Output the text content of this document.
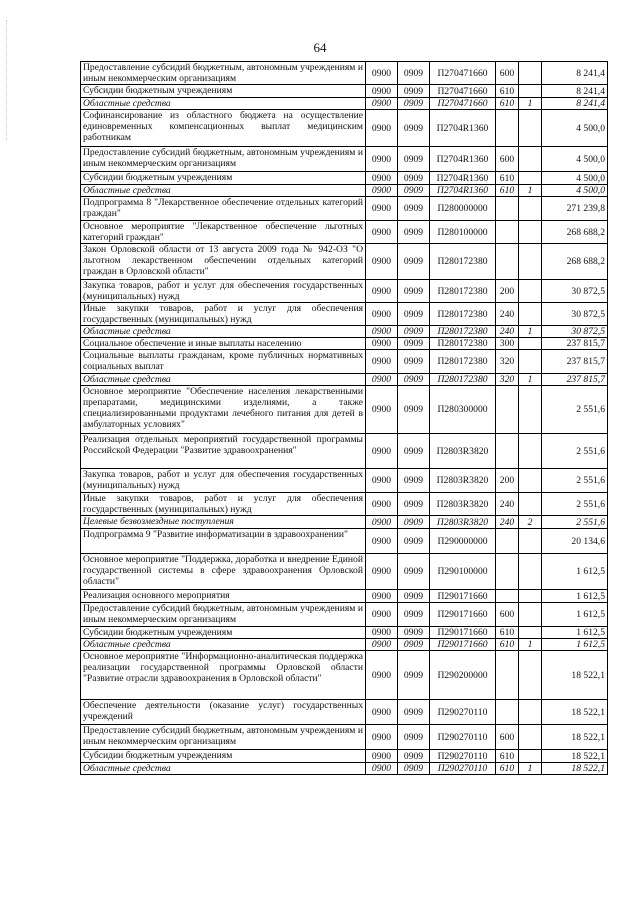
64
Предоставление субсидий бюджетным, автономным учреждениям и иным некоммерческим организациям	0900	0909	П270471660	600		8 241,4
Субсидии бюджетным учреждениям	0900	0909	П270471660	610		8 241,4
Областные средства	0900	0909	П270471660	610	1	8 241,4
Софинансирование из областного бюджета на осуществление единовременных компенсационных выплат медицинским работникам	0900	0909	П2704R1360			4 500,0
Предоставление субсидий бюджетным, автономным учреждениям и иным некоммерческим организациям	0900	0909	П2704R1360	600		4 500,0
Субсидии бюджетным учреждениям	0900	0909	П2704R1360	610		4 500,0
Областные средства	0900	0909	П2704R1360	610	1	4 500,0
Подпрограмма 8 "Лекарственное обеспечение отдельных категорий граждан"	0900	0909	П280000000			271 239,8
Основное мероприятие "Лекарственное обеспечение льготных категорий граждан"	0900	0909	П280100000			268 688,2
Закон Орловской области от 13 августа 2009 года № 942-ОЗ "О льготном лекарственном обеспечении отдельных категорий граждан в Орловской области"	0900	0909	П280172380			268 688,2
Закупка товаров, работ и услуг для обеспечения государственных (муниципальных) нужд	0900	0909	П280172380	200		30 872,5
Иные закупки товаров, работ и услуг для обеспечения государственных (муниципальных) нужд	0900	0909	П280172380	240		30 872,5
Областные средства	0900	0909	П280172380	240	1	30 872,5
Социальное обеспечение и иные выплаты населению	0900	0909	П280172380	300		237 815,7
Социальные выплаты гражданам, кроме публичных нормативных социальных выплат	0900	0909	П280172380	320		237 815,7
Областные средства	0900	0909	П280172380	320	1	237 815,7
Основное мероприятие "Обеспечение населения лекарственными препаратами, медицинскими изделиями, а также специализированными продуктами лечебного питания для детей в амбулаторных условиях"	0900	0909	П280300000			2 551,6
Реализация отдельных мероприятий государственной программы Российской Федерации "Развитие здравоохранения"	0900	0909	П2803R3820			2 551,6
Закупка товаров, работ и услуг для обеспечения государственных (муниципальных) нужд	0900	0909	П2803R3820	200		2 551,6
Иные закупки товаров, работ и услуг для обеспечения государственных (муниципальных) нужд	0900	0909	П2803R3820	240		2 551,6
Целевые безвозмездные поступления	0900	0909	П2803R3820	240	2	2 551,6
Подпрограмма 9 "Развитие информатизации в здравоохранении"	0900	0909	П290000000			20 134,6
Основное мероприятие "Поддержка, доработка и внедрение Единой государственной системы в сфере здравоохранения Орловской области"	0900	0909	П290100000			1 612,5
Реализация основного мероприятия	0900	0909	П290171660			1 612,5
Предоставление субсидий бюджетным, автономным учреждениям и иным некоммерческим организациям	0900	0909	П290171660	600		1 612,5
Субсидии бюджетным учреждениям	0900	0909	П290171660	610		1 612,5
Областные средства	0900	0909	П290171660	610	1	1 612,5
Основное мероприятие "Информационно-аналитическая поддержка реализации государственной программы Орловской области "Развитие отрасли здравоохранения в Орловской области"	0900	0909	П290200000			18 522,1
Обеспечение деятельности (оказание услуг) государственных учреждений	0900	0909	П290270110			18 522,1
Предоставление субсидий бюджетным, автономным учреждениям и иным некоммерческим организациям	0900	0909	П290270110	600		18 522,1
Субсидии бюджетным учреждениям	0900	0909	П290270110	610		18 522,1
Областные средства	0900	0909	П290270110	610	1	18 522,1
